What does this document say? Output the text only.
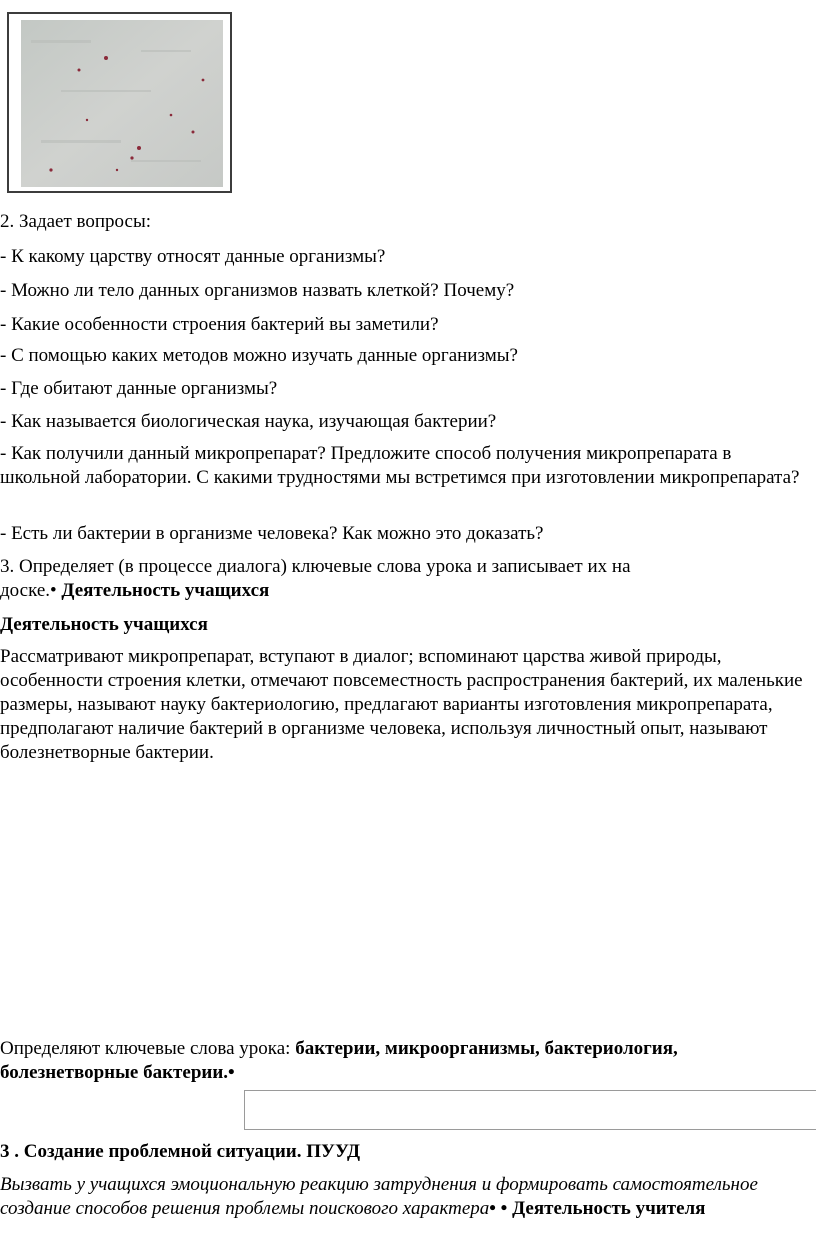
2. Задает вопросы:
- К какому царству относят данные организмы?
- Можно ли тело данных организмов назвать клеткой? Почему?
- Какие особенности строения бактерий вы заметили?
- С помощью каких методов можно изучать данные организмы?
- Где обитают данные организмы?
- Как называется биологическая наука, изучающая бактерии?
- Как получили данный микропрепарат? Предложите способ получения микропрепарата в школьной лаборатории. С какими трудностями мы встретимся при изготовлении микропрепарата?
- Есть ли бактерии в организме человека? Как можно это доказать?
3. Определяет (в процессе диалога) ключевые слова урока и записывает их на
доске.• Деятельность учащихся
Деятельность учащихся
Рассматривают микропрепарат, вступают в диалог; вспоминают царства живой природы, особенности строения клетки, отмечают повсеместность распространения бактерий, их маленькие размеры, называют науку бактериологию, предлагают варианты изготовления микропрепарата, предполагают наличие бактерий в организме человека, используя личностный опыт, называют болезнетворные бактерии.
Определяют ключевые слова урока: бактерии, микроорганизмы, бактериология, болезнетворные бактерии.•
3 . Создание проблемной ситуации. ПУУД
Вызвать у учащихся эмоциональную реакцию затруднения и формировать самостоятельное создание способов решения проблемы поискового характера• • Деятельность учителя
